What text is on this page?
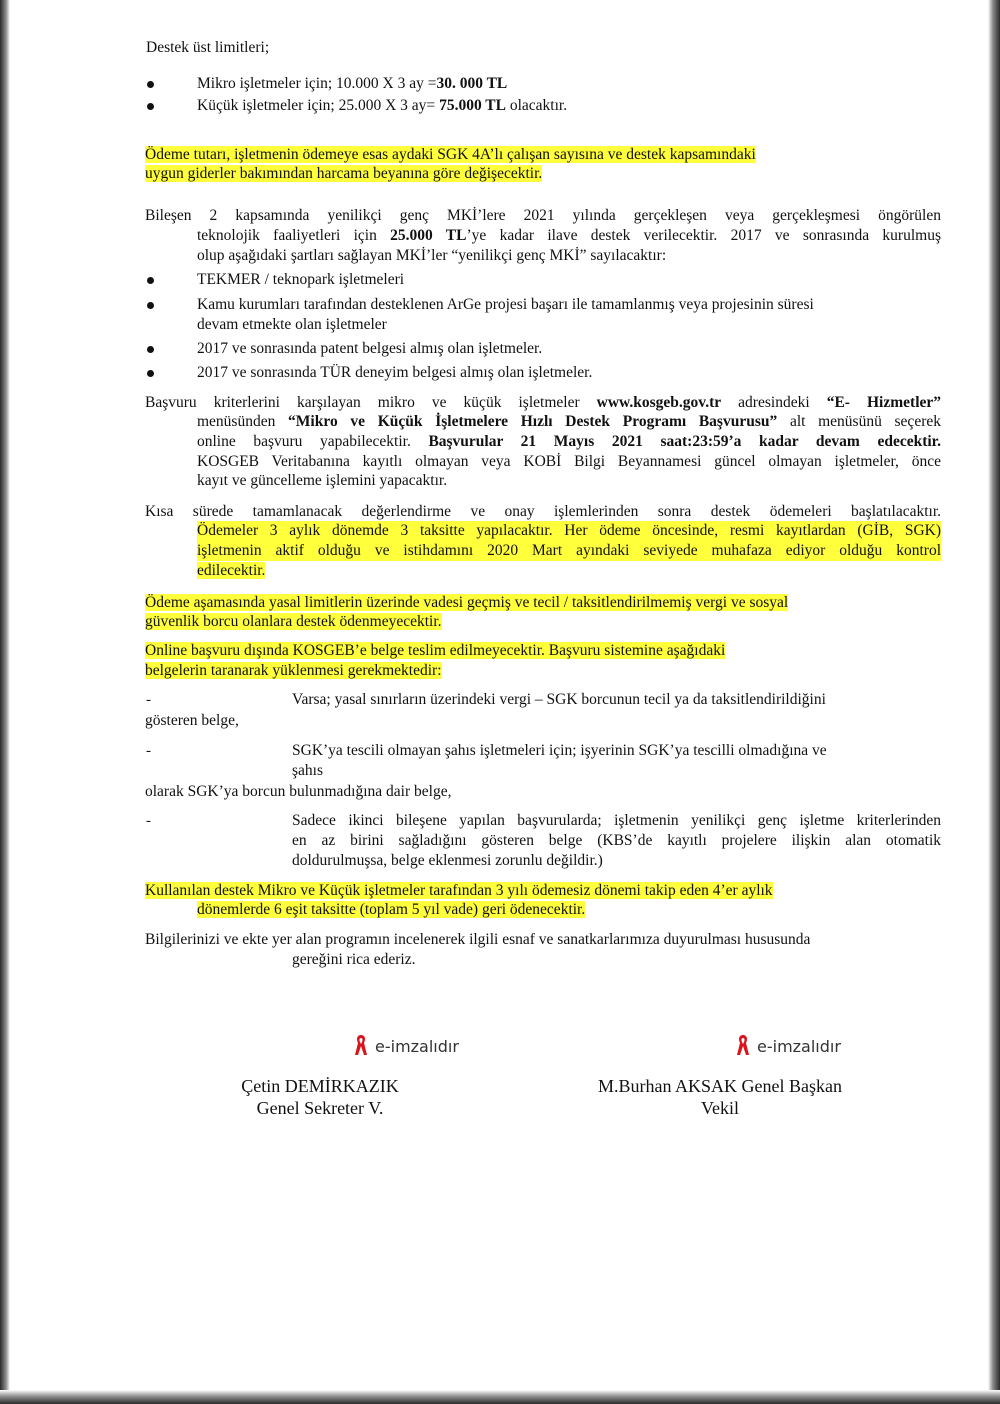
Destek üst limitleri;
Mikro işletmeler için; 10.000 X 3 ay =30. 000 TL
Küçük işletmeler için; 25.000 X 3 ay= 75.000 TL olacaktır.
Ödeme tutarı, işletmenin ödemeye esas aydaki SGK 4A’lı çalışan sayısına ve destek kapsamındaki
uygun giderler bakımından harcama beyanına göre değişecektir.
Bileşen 2 kapsamında yenilikçi genç MKİ’lere 2021 yılında gerçekleşen veya gerçekleşmesi öngörülen
teknolojik faaliyetleri için 25.000 TL’ye kadar ilave destek verilecektir. 2017 ve sonrasında kurulmuş
olup aşağıdaki şartları sağlayan MKİ’ler “yenilikçi genç MKİ” sayılacaktır:
TEKMER / teknopark işletmeleri
Kamu kurumları tarafından desteklenen ArGe projesi başarı ile tamamlanmış veya projesinin süresi
devam etmekte olan işletmeler
2017 ve sonrasında patent belgesi almış olan işletmeler.
2017 ve sonrasında TÜR deneyim belgesi almış olan işletmeler.
Başvuru kriterlerini karşılayan mikro ve küçük işletmeler www.kosgeb.gov.tr adresindeki “E- Hizmetler”
menüsünden “Mikro ve Küçük İşletmelere Hızlı Destek Programı Başvurusu” alt menüsünü seçerek
online başvuru yapabilecektir. Başvurular 21 Mayıs 2021 saat:23:59’a kadar devam edecektir.
KOSGEB Veritabanına kayıtlı olmayan veya KOBİ Bilgi Beyannamesi güncel olmayan işletmeler, önce
kayıt ve güncelleme işlemini yapacaktır.
Kısa sürede tamamlanacak değerlendirme ve onay işlemlerinden sonra destek ödemeleri başlatılacaktır.
Ödemeler 3 aylık dönemde 3 taksitte yapılacaktır. Her ödeme öncesinde, resmi kayıtlardan (GİB, SGK)
işletmenin aktif olduğu ve istihdamını 2020 Mart ayındaki seviyede muhafaza ediyor olduğu kontrol
edilecektir.
Ödeme aşamasında yasal limitlerin üzerinde vadesi geçmiş ve tecil / taksitlendirilmemiş vergi ve sosyal
güvenlik borcu olanlara destek ödenmeyecektir.
Online başvuru dışında KOSGEB’e belge teslim edilmeyecektir. Başvuru sistemine aşağıdaki
belgelerin taranarak yüklenmesi gerekmektedir:
-	Varsa; yasal sınırların üzerindeki vergi – SGK borcunun tecil ya da taksitlendirildiğini
gösteren belge,
-	SGK’ya tescili olmayan şahıs işletmeleri için; işyerinin SGK’ya tescilli olmadığına ve
şahıs
olarak SGK’ya borcun bulunmadığına dair belge,
-	Sadece ikinci bileşene yapılan başvurularda; işletmenin yenilikçi genç işletme kriterlerinden
en az birini sağladığını gösteren belge (KBS’de kayıtlı projelere ilişkin alan otomatik
doldurulmuşsa, belge eklenmesi zorunlu değildir.)
Kullanılan destek Mikro ve Küçük işletmeler tarafından 3 yılı ödemesiz dönemi takip eden 4’er aylık
dönemlerde 6 eşit taksitte (toplam 5 yıl vade) geri ödenecektir.
Bilgilerinizi ve ekte yer alan programın incelenerek ilgili esnaf ve sanatkarlarımıza duyurulması hususunda
gereğini rica ederiz.
e-imzalıdır
Çetin DEMİRKAZIK
Genel Sekreter V.
e-imzalıdır
M.Burhan AKSAK Genel Başkan
Vekil
